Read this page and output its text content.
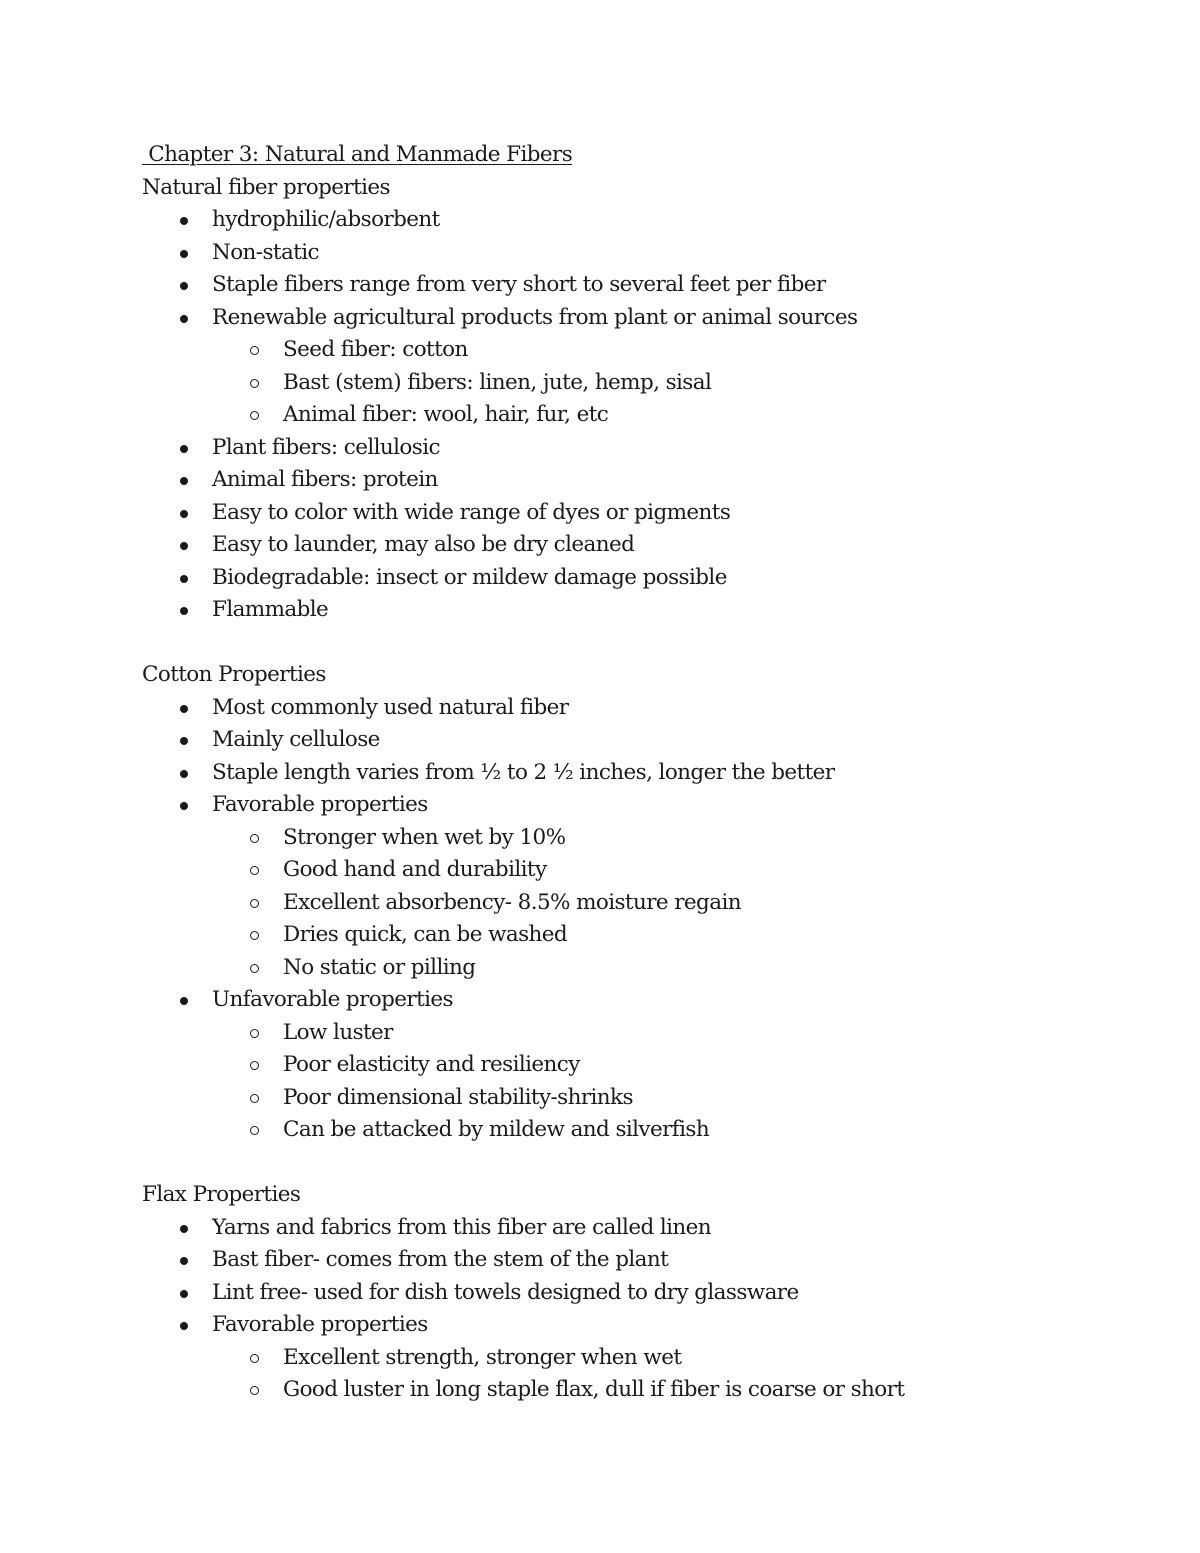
Chapter 3: Natural and Manmade Fibers
Natural fiber properties
hydrophilic/absorbent
Non-static
Staple fibers range from very short to several feet per fiber
Renewable agricultural products from plant or animal sources
Seed fiber: cotton
Bast (stem) fibers: linen, jute, hemp, sisal
Animal fiber: wool, hair, fur, etc
Plant fibers: cellulosic
Animal fibers: protein
Easy to color with wide range of dyes or pigments
Easy to launder, may also be dry cleaned
Biodegradable: insect or mildew damage possible
Flammable
Cotton Properties
Most commonly used natural fiber
Mainly cellulose
Staple length varies from ½ to 2 ½ inches, longer the better
Favorable properties
Stronger when wet by 10%
Good hand and durability
Excellent absorbency- 8.5% moisture regain
Dries quick, can be washed
No static or pilling
Unfavorable properties
Low luster
Poor elasticity and resiliency
Poor dimensional stability-shrinks
Can be attacked by mildew and silverfish
Flax Properties
Yarns and fabrics from this fiber are called linen
Bast fiber- comes from the stem of the plant
Lint free- used for dish towels designed to dry glassware
Favorable properties
Excellent strength, stronger when wet
Good luster in long staple flax, dull if fiber is coarse or short
